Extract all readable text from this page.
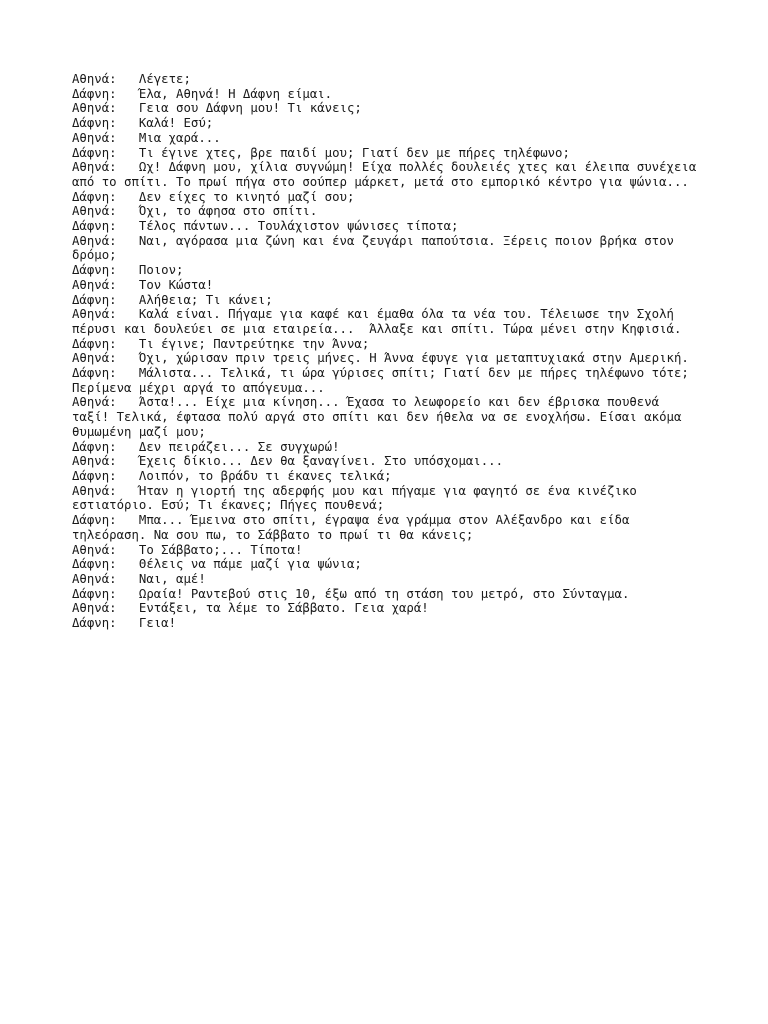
Αθηνά:	Λέγετε;
Δάφνη:	Έλα, Αθηνά! Η Δάφνη είμαι.
Αθηνά:	Γεια σου Δάφνη μου! Τι κάνεις;
Δάφνη:	Καλά! Εσύ;
Αθηνά:	Μια χαρά...
Δάφνη:	Τι έγινε χτες, βρε παιδί μου; Γιατί δεν με πήρες τηλέφωνο;
Αθηνά:	Ωχ! Δάφνη μου, χίλια συγνώμη! Είχα πολλές δουλειές χτες και έλειπα συνέχεια από το σπίτι. Το πρωί πήγα στο σούπερ μάρκετ, μετά στο εμπορικό κέντρο για ψώνια...
Δάφνη:	Δεν είχες το κινητό μαζί σου;
Αθηνά:	Όχι, το άφησα στο σπίτι.
Δάφνη:	Τέλος πάντων... Τουλάχιστον ψώνισες τίποτα;
Αθηνά:	Ναι, αγόρασα μια ζώνη και ένα ζευγάρι παπούτσια. Ξέρεις ποιον βρήκα στον δρόμο;
Δάφνη:	Ποιον;
Αθηνά:	Τον Κώστα!
Δάφνη:	Αλήθεια; Τι κάνει;
Αθηνά:	Καλά είναι. Πήγαμε για καφέ και έμαθα όλα τα νέα του. Τέλειωσε την Σχολή πέρυσι και δουλεύει σε μια εταιρεία...  Άλλαξε και σπίτι. Τώρα μένει στην Κηφισιά.
Δάφνη:	Τι έγινε; Παντρεύτηκε την Άννα;
Αθηνά:	Όχι, χώρισαν πριν τρεις μήνες. Η Άννα έφυγε για μεταπτυχιακά στην Αμερική.
Δάφνη:	Μάλιστα... Τελικά, τι ώρα γύρισες σπίτι; Γιατί δεν με πήρες τηλέφωνο τότε; Περίμενα μέχρι αργά το απόγευμα...
Αθηνά:	Άστα!... Είχε μια κίνηση... Έχασα το λεωφορείο και δεν έβρισκα πουθενά ταξί! Τελικά, έφτασα πολύ αργά στο σπίτι και δεν ήθελα να σε ενοχλήσω. Είσαι ακόμα θυμωμένη μαζί μου;
Δάφνη:	Δεν πειράζει... Σε συγχωρώ!
Αθηνά:	Έχεις δίκιο... Δεν θα ξαναγίνει. Στο υπόσχομαι...
Δάφνη:	Λοιπόν, το βράδυ τι έκανες τελικά;
Αθηνά:	Ήταν η γιορτή της αδερφής μου και πήγαμε για φαγητό σε ένα κινέζικο εστιατόριο. Εσύ; Τι έκανες; Πήγες πουθενά;
Δάφνη:	Μπα... Έμεινα στο σπίτι, έγραψα ένα γράμμα στον Αλέξανδρο και είδα τηλεόραση. Να σου πω, το Σάββατο το πρωί τι θα κάνεις;
Αθηνά:	Το Σάββατο;... Τίποτα!
Δάφνη:	Θέλεις να πάμε μαζί για ψώνια;
Αθηνά:	Ναι, αμέ!
Δάφνη:	Ωραία! Ραντεβού στις 10, έξω από τη στάση του μετρό, στο Σύνταγμα.
Αθηνά:	Εντάξει, τα λέμε το Σάββατο. Γεια χαρά!
Δάφνη:	Γεια!
